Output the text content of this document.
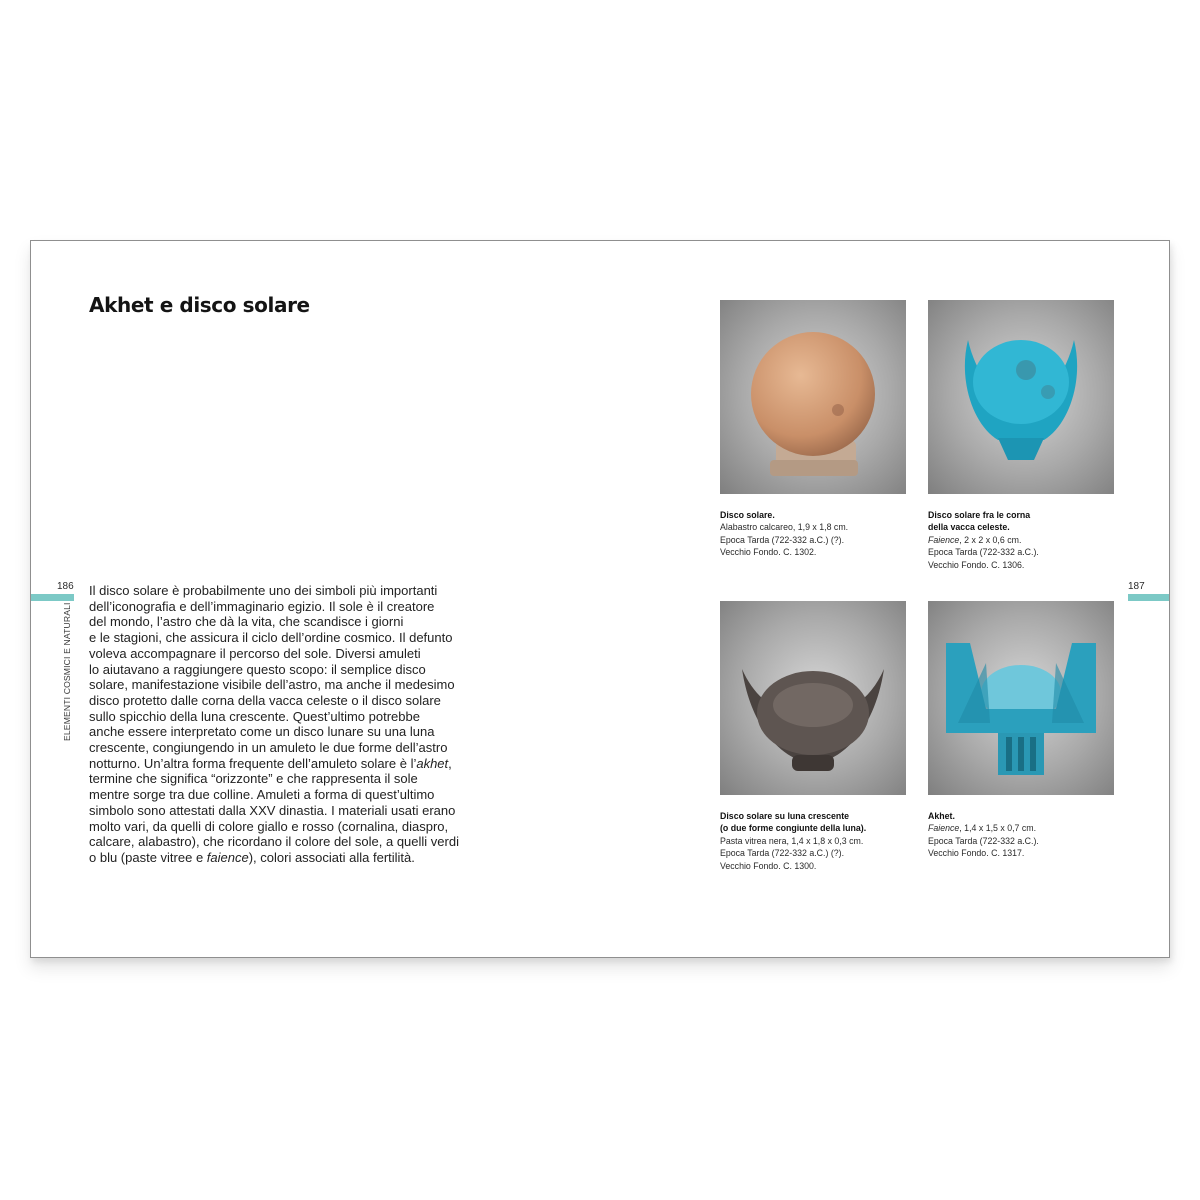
Akhet e disco solare
186
ELEMENTI COSMICI E NATURALI
187
Il disco solare è probabilmente uno dei simboli più importanti
dell’iconografia e dell’immaginario egizio. Il sole è il creatore
del mondo, l’astro che dà la vita, che scandisce i giorni
e le stagioni, che assicura il ciclo dell’ordine cosmico. Il defunto
voleva accompagnare il percorso del sole. Diversi amuleti
lo aiutavano a raggiungere questo scopo: il semplice disco
solare, manifestazione visibile dell’astro, ma anche il medesimo
disco protetto dalle corna della vacca celeste o il disco solare
sullo spicchio della luna crescente. Quest’ultimo potrebbe
anche essere interpretato come un disco lunare su una luna
crescente, congiungendo in un amuleto le due forme dell’astro
notturno. Un’altra forma frequente dell’amuleto solare è l’akhet,
termine che significa “orizzonte” e che rappresenta il sole
mentre sorge tra due colline. Amuleti a forma di quest’ultimo
simbolo sono attestati dalla XXV dinastia. I materiali usati erano
molto vari, da quelli di colore giallo e rosso (cornalina, diaspro,
calcare, alabastro), che ricordano il colore del sole, a quelli verdi
o blu (paste vitree e faience), colori associati alla fertilità.
Disco solare.
Alabastro calcareo, 1,9 x 1,8 cm.
Epoca Tarda (722-332 a.C.) (?).
Vecchio Fondo. C. 1302.
Disco solare fra le corna
della vacca celeste.
Faience, 2 x 2 x 0,6 cm.
Epoca Tarda (722-332 a.C.).
Vecchio Fondo. C. 1306.
Disco solare su luna crescente
(o due forme congiunte della luna).
Pasta vitrea nera, 1,4 x 1,8 x 0,3 cm.
Epoca Tarda (722-332 a.C.) (?).
Vecchio Fondo. C. 1300.
Akhet.
Faience, 1,4 x 1,5 x 0,7 cm.
Epoca Tarda (722-332 a.C.).
Vecchio Fondo. C. 1317.
